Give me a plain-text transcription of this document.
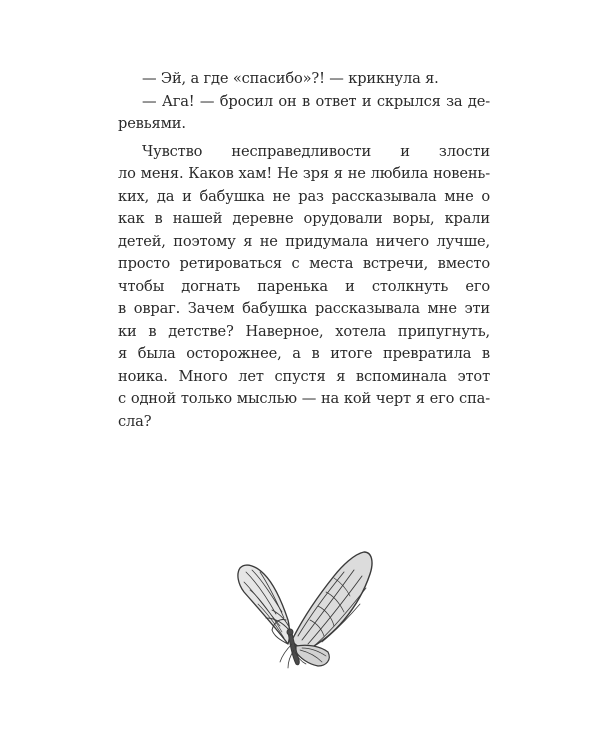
— Эй, а где «спасибо»?! — крикнула я.
— Ага! — бросил он в ответ и скрылся за де-
ревьями.
Чувство несправедливости и злости
ло меня. Каков хам! Не зря я не любила новень-
ких, да и бабушка не раз рассказывала мне о
как в нашей деревне орудовали воры, крали
детей, поэтому я не придумала ничего лучше,
просто ретироваться с места встречи, вместо
чтобы догнать паренька и столкнуть его
в овраг. Зачем бабушка рассказывала мне эти
ки в детстве? Наверное, хотела припугнуть,
я была осторожнее, а в итоге превратила в
ноика. Много лет спустя я вспоминала этот
с одной только мыслью — на кой черт я его спа-
сла?
